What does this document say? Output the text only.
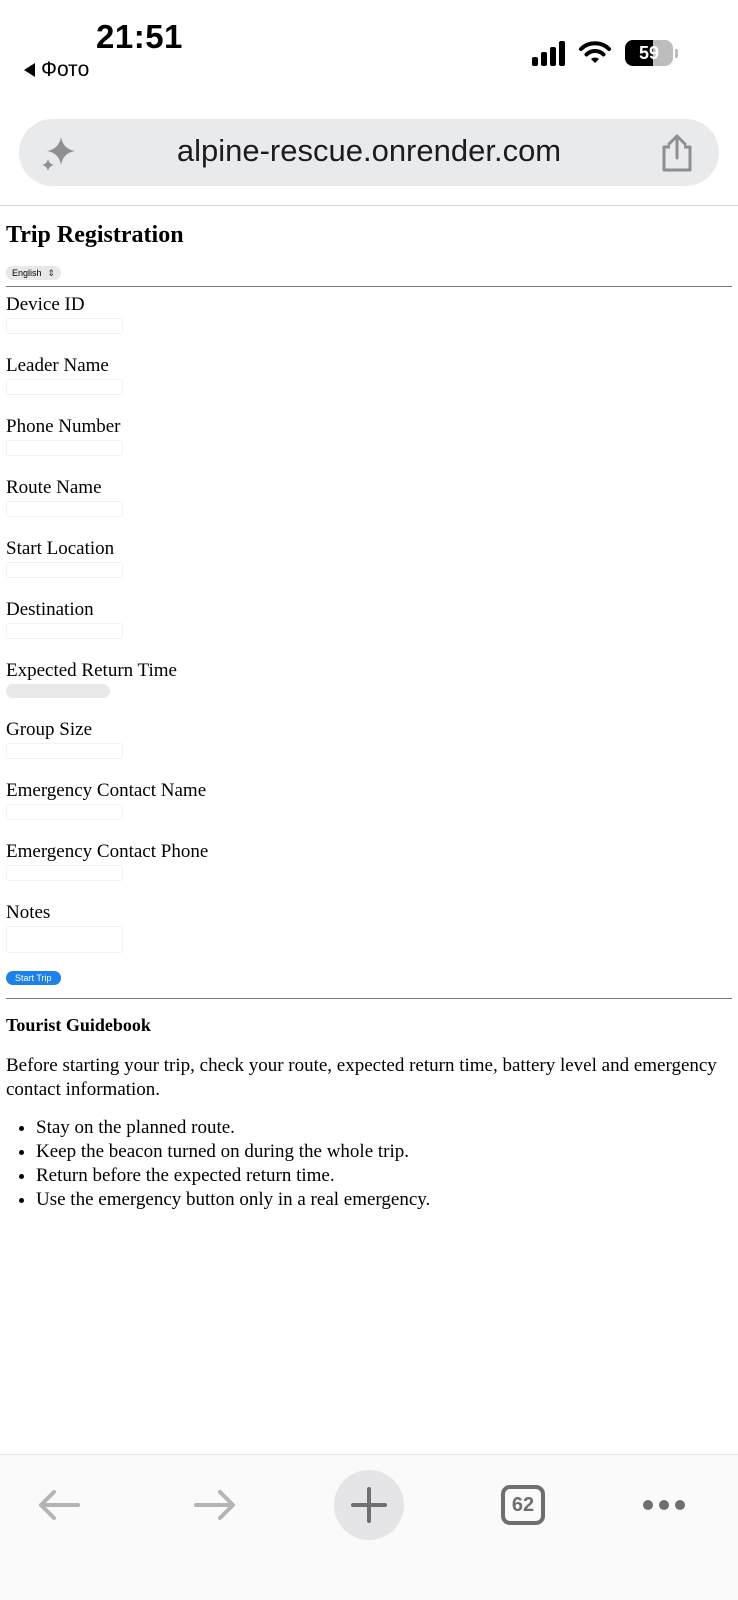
21:51
Фото
59
alpine-rescue.onrender.com
Trip Registration
English ⇕
Device ID
Leader Name
Phone Number
Route Name
Start Location
Destination
Expected Return Time
Group Size
Emergency Contact Name
Emergency Contact Phone
Notes
Start Trip
Tourist Guidebook

Before starting your trip, check your route, expected return time, battery level and emergency contact information.

• Stay on the planned route.
• Keep the beacon turned on during the whole trip.
• Return before the expected return time.
• Use the emergency button only in a real emergency.
62
